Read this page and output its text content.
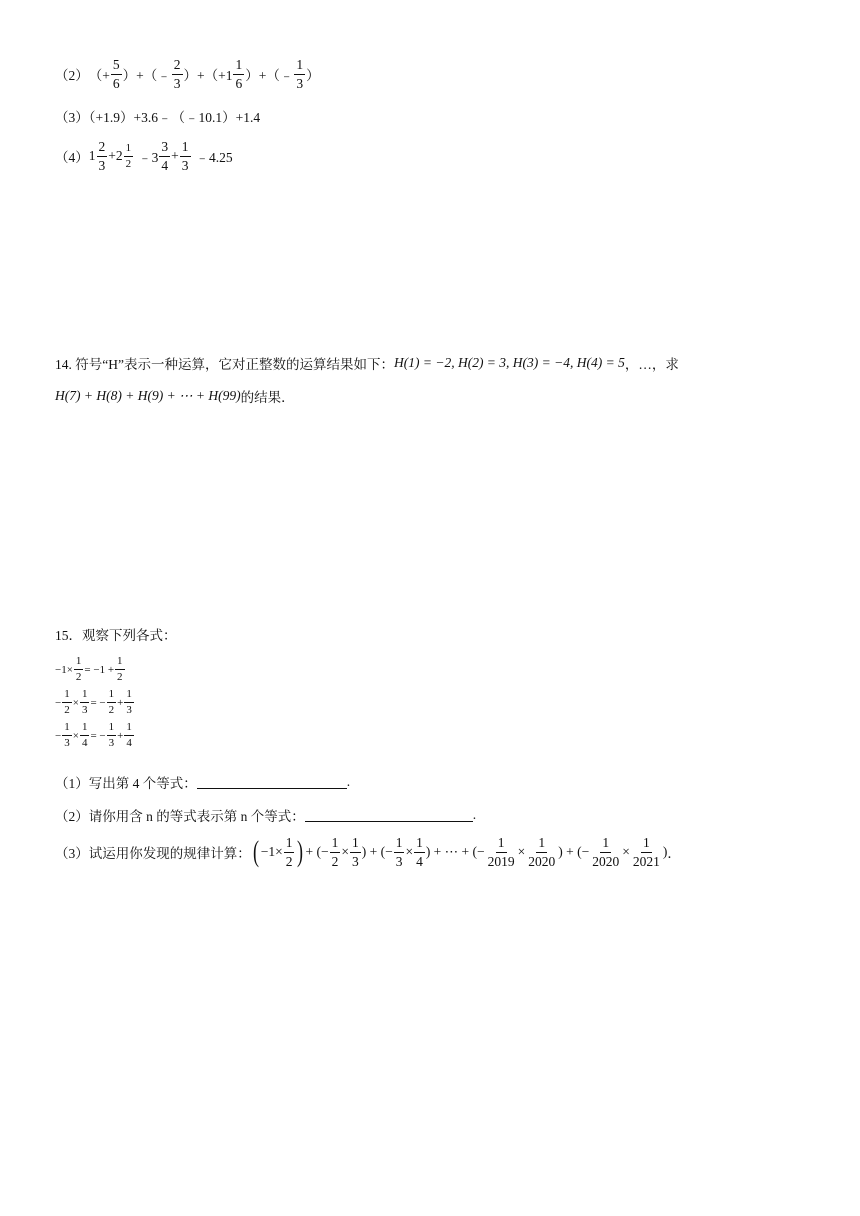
（2） （+ $\frac{5}{6}$ ）+（﹣ $\frac{2}{3} )+(+1 \frac{1}{6}$ ）+（﹣ $\frac{1}{3}$ ）
（3）（+1.9）+3.6﹣（﹣10.1）+1.4
（4） $1 \frac{2}{3} +2 \frac{1}{2}$ ﹣3 $\frac{3}{4} + \frac{1}{3}$ ﹣4.25
14. 符号“H”表示一种运算，它对正整数的运算结果如下： H(1) = −2, H(2) = 3, H(3) = −4, H(4) = 5 ，…，求
H(7) + H(8) + H(9) + ⋯ + H(99) 的结果．
15．观察下列各式：
$-1\times \frac{1}{2} = -1 + \frac{1}{2}$
− $\frac{1}{2} \times \frac{1}{3}$ = − $\frac{1}{2} + \frac{1}{3}$
− $\frac{1}{3} \times \frac{1}{4}$ = − $\frac{1}{3} + \frac{1}{4}$
（1）写出第 4 个等式：	.
（2）请你用含 n 的等式表示第 n 个等式：	.
（3）试运用你发现的规律计算： ( $-1\times \frac{1}{2}$ ) + (− $\frac{1}{2} \times \frac{1}{3}$ ) + (− $\frac{1}{3} \times \frac{1}{4}$ ) + ⋯ + (− $\frac{1}{2019} \times \frac{1}{2020}$ ) + (− $\frac{1}{2020} \times \frac{1}{2021}$ ) ．
